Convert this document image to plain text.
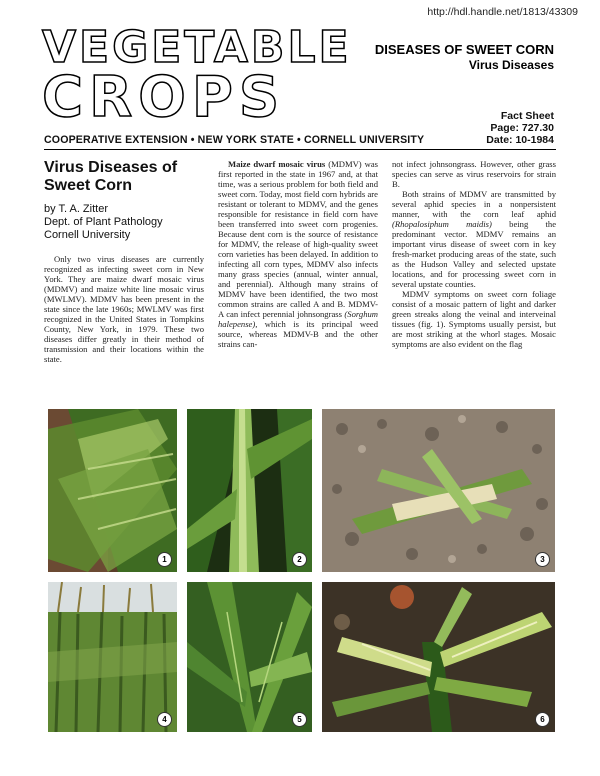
http://hdl.handle.net/1813/43309
VEGETABLE
CROPS
DISEASES OF SWEET CORN
Virus Diseases
Fact Sheet
Page: 727.30
Date: 10-1984
COOPERATIVE EXTENSION • NEW YORK STATE • CORNELL UNIVERSITY
Virus Diseases of Sweet Corn
by T. A. Zitter
Dept. of Plant Pathology
Cornell University

Only two virus diseases are currently recognized as infecting sweet corn in New York. They are maize dwarf mosaic virus (MDMV) and maize white line mosaic virus (MWLMV). MDMV has been present in the state since the late 1960s; MWLMV was first recognized in the United States in Tompkins County, New York, in 1979. These two diseases differ greatly in their method of transmission and their locations within the state.

Maize dwarf mosaic virus (MDMV) was first reported in the state in 1967 and, at that time, was a serious problem for both field and sweet corn. Today, most field corn hybrids are resistant or tolerant to MDMV, and the genes responsible for resistance in field corn have been transferred into sweet corn progenies. Because dent corn is the source of resistance for MDMV, the release of high-quality sweet corn varieties has been delayed. In addition to infecting all corn types, MDMV also infects many grass species (annual, winter annual, and perennial). Although many strains of MDMV have been identified, the two most common strains are called A and B. MDMV-A can infect perennial johnsongrass (Sorghum halepense), which is its principal weed source, whereas MDMV-B and the other strains can-

not infect johnsongrass. However, other grass species can serve as virus reservoirs for strain B.

Both strains of MDMV are transmitted by several aphid species in a nonpersistent manner, with the corn leaf aphid (Rhopalosiphum maidis) being the predominant vector. MDMV remains an important virus disease of sweet corn in key fresh-market producing areas of the state, such as the Hudson Valley and selected upstate locations, and for processing sweet corn in several upstate counties.

MDMV symptoms on sweet corn foliage consist of a mosaic pattern of light and darker green streaks along the veinal and interveinal tissues (fig. 1). Symptoms usually persist, but are most striking at the whorl stages. Mosaic symptoms are also evident on the flag

1	2	3
4	5	6
